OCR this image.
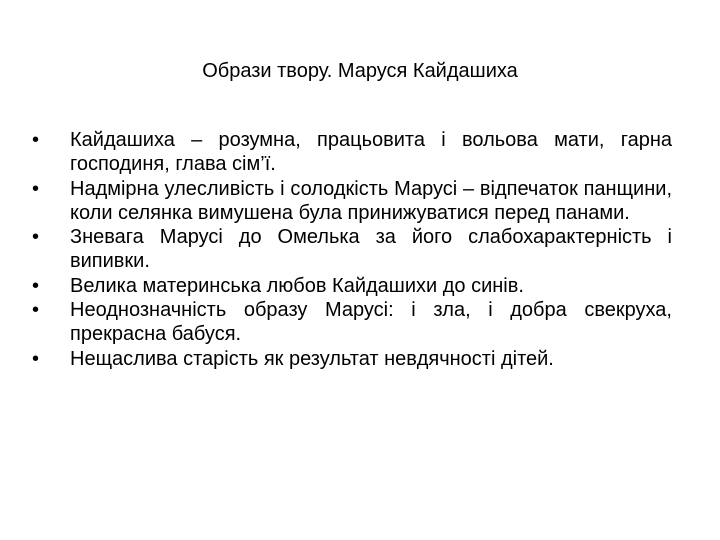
Образи твору. Маруся Кайдашиха
•	Кайдашиха – розумна, працьовита і вольова мати, гарна господиня, глава сім’ї.
•	Надмірна улесливість і солодкість Марусі – відпечаток панщини, коли селянка вимушена була принижуватися перед панами.
•	Зневага Марусі до Омелька за його слабохарактерність і випивки.
•	Велика материнська любов Кайдашихи до синів.
•	Неоднозначність образу Марусі: і зла, і добра свекруха, прекрасна бабуся.
•	Нещаслива старість як результат невдячності дітей.
